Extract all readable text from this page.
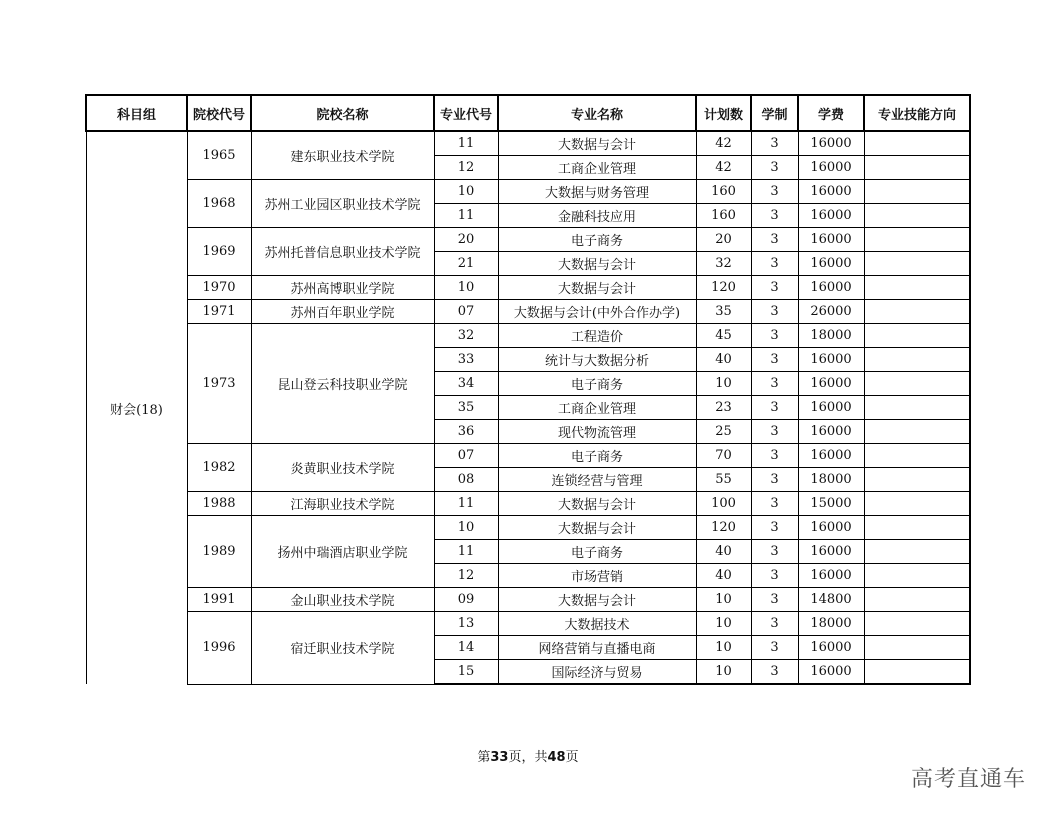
科目组	院校代号	院校名称	专业代号	专业名称	计划数	学制	学费	专业技能方向
财会(18)	1965	建东职业技术学院	11	大数据与会计	42	3	16000	
			12	工商企业管理	42	3	16000	
	1968	苏州工业园区职业技术学院	10	大数据与财务管理	160	3	16000	
			11	金融科技应用	160	3	16000	
	1969	苏州托普信息职业技术学院	20	电子商务	20	3	16000	
			21	大数据与会计	32	3	16000	
	1970	苏州高博职业学院	10	大数据与会计	120	3	16000	
	1971	苏州百年职业学院	07	大数据与会计(中外合作办学)	35	3	26000	
	1973	昆山登云科技职业学院	32	工程造价	45	3	18000	
			33	统计与大数据分析	40	3	16000	
			34	电子商务	10	3	16000	
			35	工商企业管理	23	3	16000	
			36	现代物流管理	25	3	16000	
	1982	炎黄职业技术学院	07	电子商务	70	3	16000	
			08	连锁经营与管理	55	3	18000	
	1988	江海职业技术学院	11	大数据与会计	100	3	15000	
	1989	扬州中瑞酒店职业学院	10	大数据与会计	120	3	16000	
			11	电子商务	40	3	16000	
			12	市场营销	40	3	16000	
	1991	金山职业技术学院	09	大数据与会计	10	3	14800	
	1996	宿迁职业技术学院	13	大数据技术	10	3	18000	
			14	网络营销与直播电商	10	3	16000	
			15	国际经济与贸易	10	3	16000	
第33页，共48页
高考直通车
